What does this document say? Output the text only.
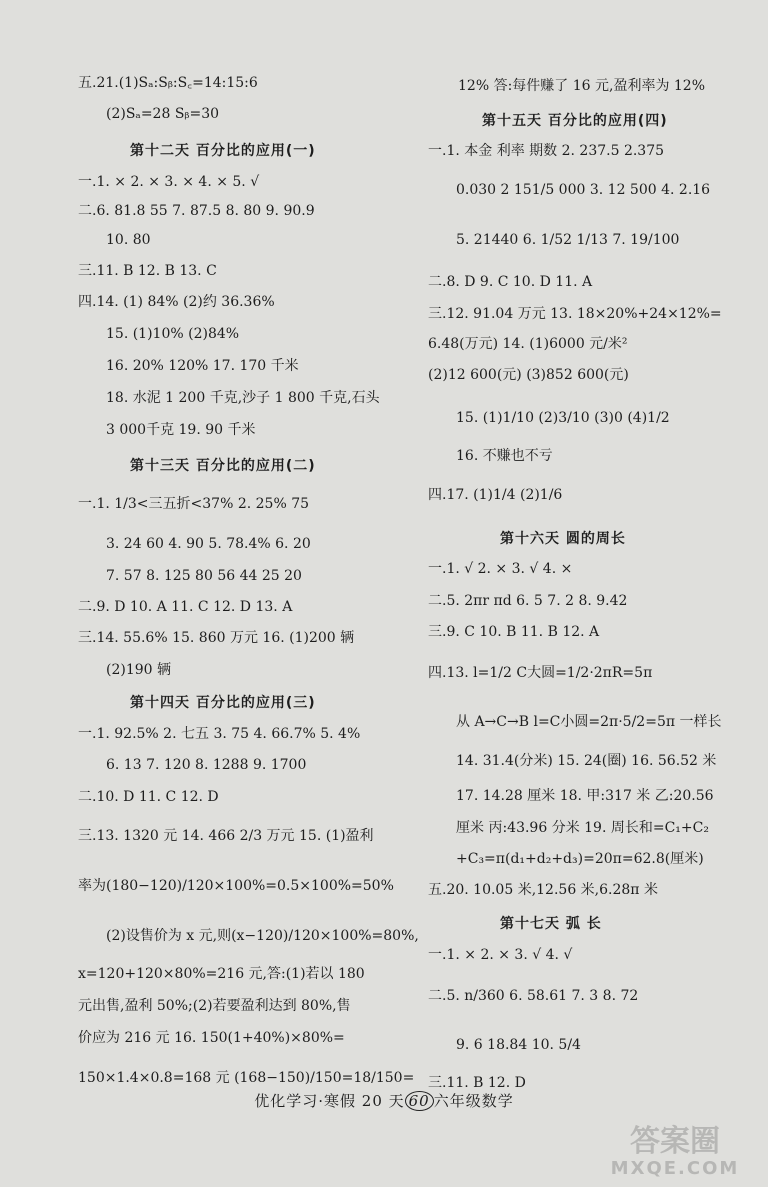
五.21.(1)Sₐ:Sᵦ:S꜀=14:15:6
(2)Sₐ=28 Sᵦ=30
第十二天 百分比的应用(一)
一.1. × 2. × 3. × 4. × 5. √
二.6. 81.8 55 7. 87.5 8. 80 9. 90.9
10. 80
三.11. B 12. B 13. C
四.14. (1) 84% (2)约 36.36%
15. (1)10% (2)84%
16. 20% 120% 17. 170 千米
18. 水泥 1 200 千克,沙子 1 800 千克,石头
3 000千克 19. 90 千米
第十三天 百分比的应用(二)
一.1. 1/3<三五折<37% 2. 25% 75
3. 24 60 4. 90 5. 78.4% 6. 20
7. 57 8. 125 80 56 44 25 20
二.9. D 10. A 11. C 12. D 13. A
三.14. 55.6% 15. 860 万元 16. (1)200 辆
(2)190 辆
第十四天 百分比的应用(三)
一.1. 92.5% 2. 七五 3. 75 4. 66.7% 5. 4%
6. 13 7. 120 8. 1288 9. 1700
二.10. D 11. C 12. D
三.13. 1320 元 14. 466 2/3 万元 15. (1)盈利
率为(180−120)/120×100%=0.5×100%=50%
(2)设售价为 x 元,则(x−120)/120×100%=80%,
x=120+120×80%=216 元,答:(1)若以 180
元出售,盈利 50%;(2)若要盈利达到 80%,售
价应为 216 元 16. 150(1+40%)×80%=
150×1.4×0.8=168 元 (168−150)/150=18/150=
12% 答:每件赚了 16 元,盈利率为 12%
第十五天 百分比的应用(四)
一.1. 本金 利率 期数 2. 237.5 2.375
0.030 2 151/5 000 3. 12 500 4. 2.16
5. 21440 6. 1/52 1/13 7. 19/100
二.8. D 9. C 10. D 11. A
三.12. 91.04 万元 13. 18×20%+24×12%=
6.48(万元) 14. (1)6000 元/米²
(2)12 600(元) (3)852 600(元)
15. (1)1/10 (2)3/10 (3)0 (4)1/2
16. 不赚也不亏
四.17. (1)1/4 (2)1/6
第十六天 圆的周长
一.1. √ 2. × 3. √ 4. ×
二.5. 2πr πd 6. 5 7. 2 8. 9.42
三.9. C 10. B 11. B 12. A
四.13. l=1/2 C大圆=1/2·2πR=5π
从 A→C→B l=C小圆=2π·5/2=5π 一样长
14. 31.4(分米) 15. 24(圈) 16. 56.52 米
17. 14.28 厘米 18. 甲:317 米 乙:20.56
厘米 丙:43.96 分米 19. 周长和=C₁+C₂
+C₃=π(d₁+d₂+d₃)=20π=62.8(厘米)
五.20. 10.05 米,12.56 米,6.28π 米
第十七天 弧 长
一.1. × 2. × 3. √ 4. √
二.5. n/360 6. 58.61 7. 3 8. 72
9. 6 18.84 10. 5/4
三.11. B 12. D
优化学习·寒假 20 天 60 六年级数学
答案圈
MXQE.COM
